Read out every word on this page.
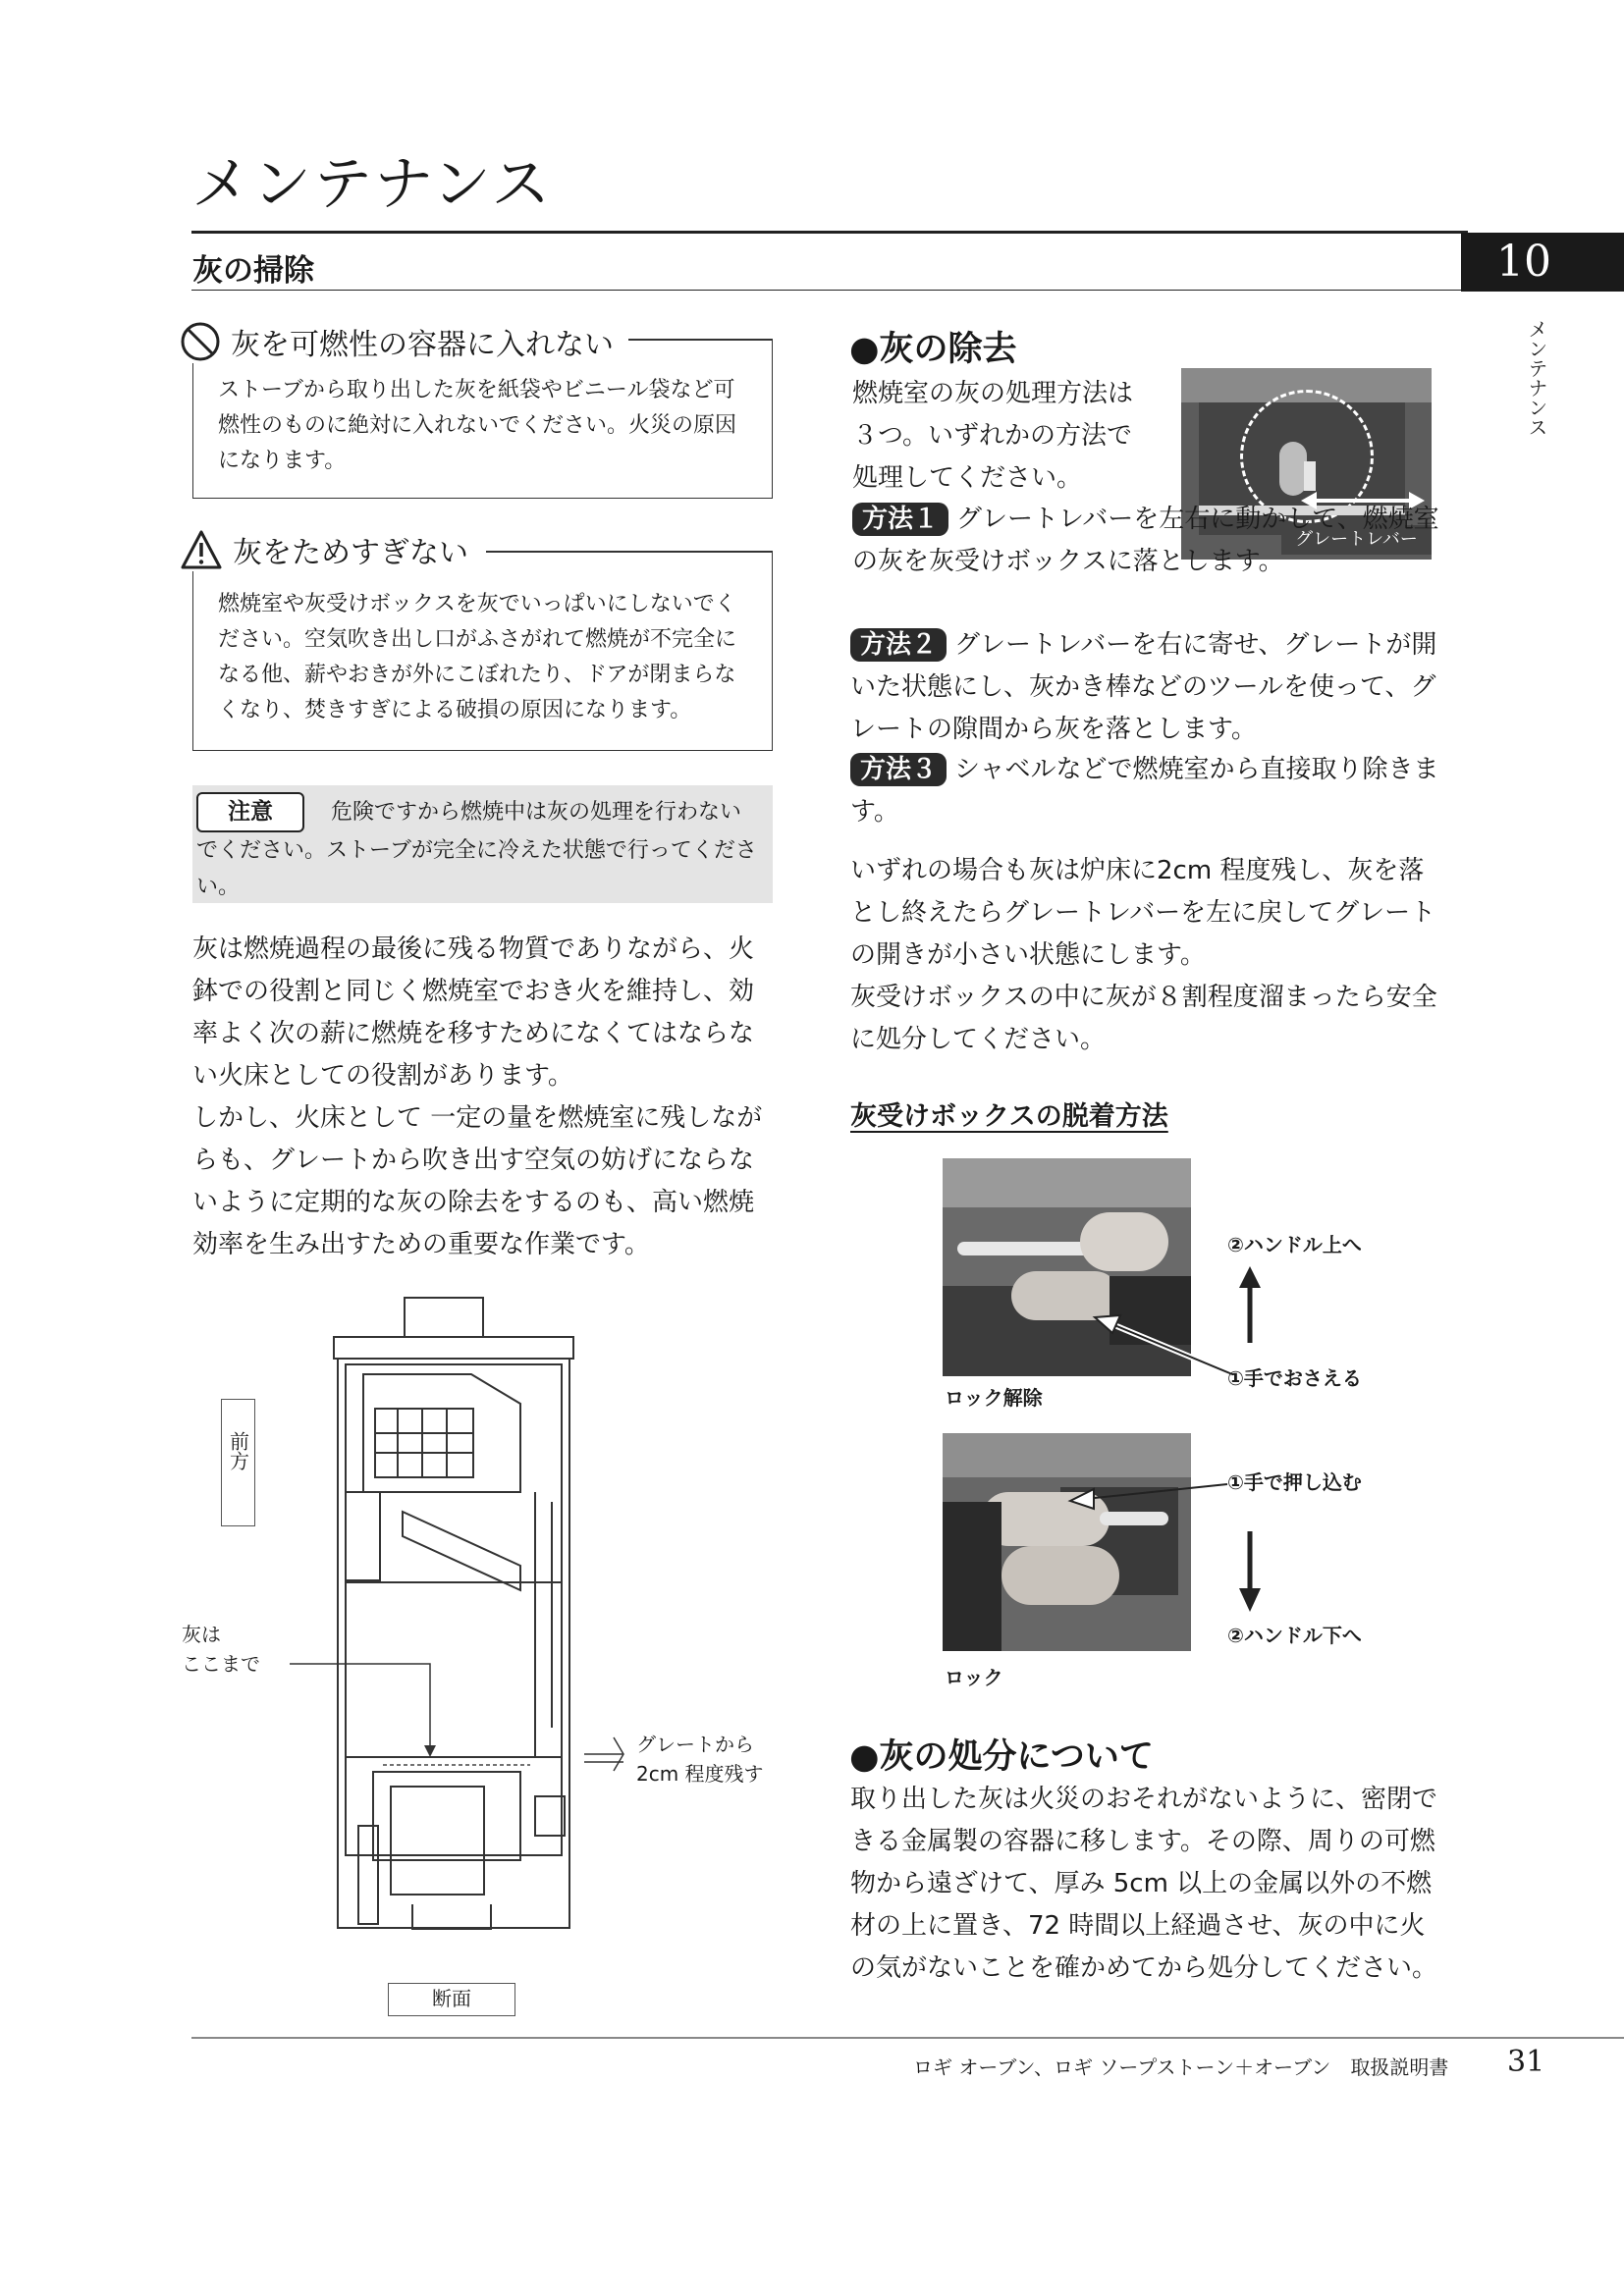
メンテナンス
灰の掃除	10
メンテナンス
灰を可燃性の容器に入れない
ストーブから取り出した灰を紙袋やビニール袋など可燃性のものに絶対に入れないでください。火災の原因になります。
灰をためすぎない
燃焼室や灰受けボックスを灰でいっぱいにしないでください。空気吹き出し口がふさがれて燃焼が不完全になる他、薪やおきが外にこぼれたり、ドアが閉まらなくなり、焚きすぎによる破損の原因になります。
注意	危険ですから燃焼中は灰の処理を行わないでください。ストーブが完全に冷えた状態で行ってください。
灰は燃焼過程の最後に残る物質でありながら、火鉢での役割と同じく燃焼室でおき火を維持し、効率よく次の薪に燃焼を移すためになくてはならない火床としての役割があります。
しかし、火床として 一定の量を燃焼室に残しながらも、グレートから吹き出す空気の妨げにならないように定期的な灰の除去をするのも、高い燃焼効率を生み出すための重要な作業です。
前方
灰は
ここまで
グレートから
2cm 程度残す
断面
●灰の除去
燃焼室の灰の処理方法は３つ。いずれかの方法で処理してください。
グレートレバー
方法１ グレートレバーを左右に動かして、燃焼室の灰を灰受けボックスに落とします。
方法２ グレートレバーを右に寄せ、グレートが開いた状態にし、灰かき棒などのツールを使って、グレートの隙間から灰を落とします。
方法３ シャベルなどで燃焼室から直接取り除きます。
いずれの場合も灰は炉床に2cm 程度残し、灰を落とし終えたらグレートレバーを左に戻してグレートの開きが小さい状態にします。
灰受けボックスの中に灰が８割程度溜まったら安全に処分してください。
灰受けボックスの脱着方法
②ハンドル上へ
①手でおさえる
ロック解除
①手で押し込む
②ハンドル下へ
ロック
●灰の処分について
取り出した灰は火災のおそれがないように、密閉できる金属製の容器に移します。その際、周りの可燃物から遠ざけて、厚み 5cm 以上の金属以外の不燃材の上に置き、72 時間以上経過させ、灰の中に火の気がないことを確かめてから処分してください。
ロギ オーブン、ロギ ソープストーン＋オーブン　取扱説明書 31
